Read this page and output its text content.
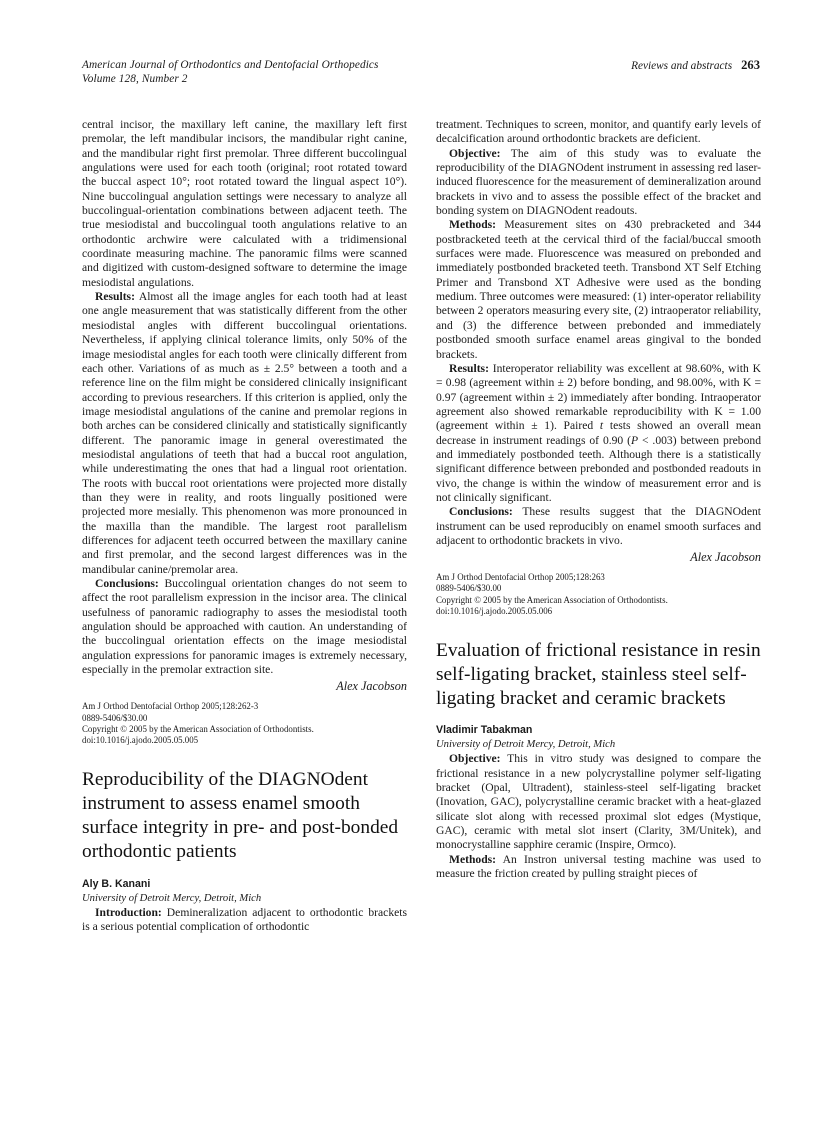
American Journal of Orthodontics and Dentofacial Orthopedics
Volume 128, Number 2
Reviews and abstracts 263

central incisor, the maxillary left canine, the maxillary left first premolar, the left mandibular incisors, the mandibular right canine, and the mandibular right first premolar. Three different buccolingual angulations were used for each tooth (original; root rotated toward the buccal aspect 10°; root rotated toward the lingual aspect 10°). Nine buccolingual angulation settings were necessary to analyze all buccolingual-orientation combinations between adjacent teeth. The true mesiodistal and buccolingual tooth angulations relative to an orthodontic archwire were calculated with a tridimensional coordinate measuring machine. The panoramic films were scanned and digitized with custom-designed software to determine the image mesiodistal angulations.

Results: Almost all the image angles for each tooth had at least one angle measurement that was statistically different from the other mesiodistal angles with different buccolingual orientations. Nevertheless, if applying clinical tolerance limits, only 50% of the image mesiodistal angles for each tooth were clinically different from each other. Variations of as much as ± 2.5° between a tooth and a reference line on the film might be considered clinically insignificant according to previous researchers. If this criterion is applied, only the image mesiodistal angulations of the canine and premolar regions in both arches can be considered clinically and statistically significantly different. The panoramic image in general overestimated the mesiodistal angulations of teeth that had a buccal root angulation, while underestimating the ones that had a lingual root orientation. The roots with buccal root orientations were projected more distally than they were in reality, and roots lingually positioned were projected more mesially. This phenomenon was more pronounced in the maxilla than the mandible. The largest root parallelism differences for adjacent teeth occurred between the maxillary canine and first premolar, and the second largest differences was in the mandibular canine/premolar area.

Conclusions: Buccolingual orientation changes do not seem to affect the root parallelism expression in the incisor area. The clinical usefulness of panoramic radiography to asses the mesiodistal tooth angulation should be approached with caution. An understanding of the buccolingual orientation effects on the image mesiodistal angulation expressions for panoramic images is extremely necessary, especially in the premolar extraction site.

Alex Jacobson
Am J Orthod Dentofacial Orthop 2005;128:262-3
0889-5406/$30.00
Copyright © 2005 by the American Association of Orthodontists.
doi:10.1016/j.ajodo.2005.05.005
Reproducibility of the DIAGNOdent instrument to assess enamel smooth surface integrity in pre- and post-bonded orthodontic patients
Aly B. Kanani
University of Detroit Mercy, Detroit, Mich

Introduction: Demineralization adjacent to orthodontic brackets is a serious potential complication of orthodontic

treatment. Techniques to screen, monitor, and quantify early levels of decalcification around orthodontic brackets are deficient.

Objective: The aim of this study was to evaluate the reproducibility of the DIAGNOdent instrument in assessing red laser-induced fluorescence for the measurement of demineralization around brackets in vivo and to assess the possible effect of the bracket and bonding system on DIAGNOdent readouts.

Methods: Measurement sites on 430 prebracketed and 344 postbracketed teeth at the cervical third of the facial/buccal smooth surfaces were made. Fluorescence was measured on prebonded and immediately postbonded bracketed teeth. Transbond XT Self Etching Primer and Transbond XT Adhesive were used as the bonding medium. Three outcomes were measured: (1) inter-operator reliability between 2 operators measuring every site, (2) intraoperator reliability, and (3) the difference between prebonded and immediately postbonded smooth surface enamel areas gingival to the bonded brackets.

Results: Interoperator reliability was excellent at 98.60%, with K = 0.98 (agreement within ± 2) before bonding, and 98.00%, with K = 0.97 (agreement within ± 2) immediately after bonding. Intraoperator agreement also showed remarkable reproducibility with K = 1.00 (agreement within ± 1). Paired t tests showed an overall mean decrease in instrument readings of 0.90 (P < .003) between prebond and immediately postbonded teeth. Although there is a statistically significant difference between prebonded and postbonded readouts in vivo, the change is within the window of measurement error and is not clinically significant.

Conclusions: These results suggest that the DIAGNOdent instrument can be used reproducibly on enamel smooth surfaces and adjacent to orthodontic brackets in vivo.

Alex Jacobson
Am J Orthod Dentofacial Orthop 2005;128:263
0889-5406/$30.00
Copyright © 2005 by the American Association of Orthodontists.
doi:10.1016/j.ajodo.2005.05.006
Evaluation of frictional resistance in resin self-ligating bracket, stainless steel self-ligating bracket and ceramic brackets
Vladimir Tabakman
University of Detroit Mercy, Detroit, Mich

Objective: This in vitro study was designed to compare the frictional resistance in a new polycrystalline polymer self-ligating bracket (Opal, Ultradent), stainless-steel self-ligating bracket (Inovation, GAC), polycrystalline ceramic bracket with a heat-glazed silicate slot along with recessed proximal slot edges (Mystique, GAC), ceramic with metal slot insert (Clarity, 3M/Unitek), and monocrystalline sapphire ceramic (Inspire, Ormco).

Methods: An Instron universal testing machine was used to measure the friction created by pulling straight pieces of
